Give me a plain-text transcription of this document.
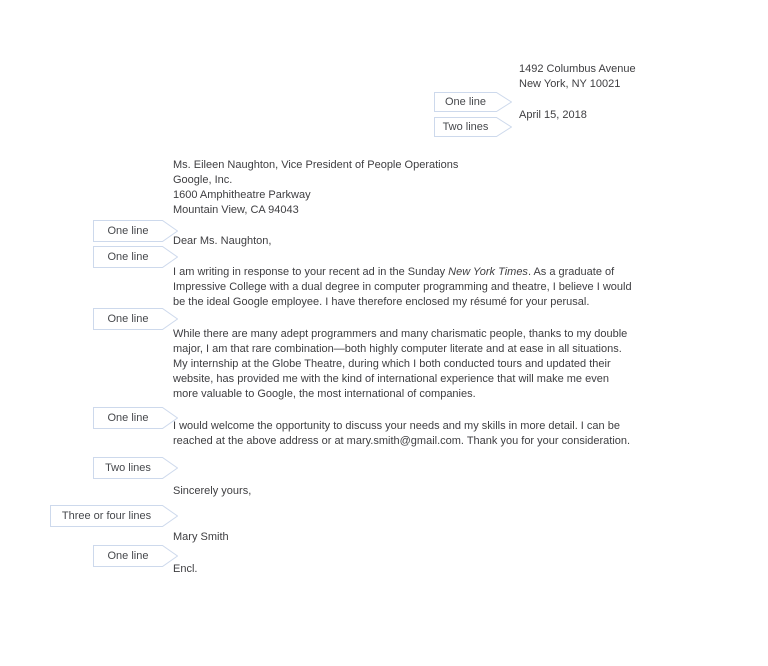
1492 Columbus Avenue
New York, NY 10021
April 15, 2018
Ms. Eileen Naughton, Vice President of People Operations
Google, Inc.
1600 Amphitheatre Parkway
Mountain View, CA 94043
Dear Ms. Naughton,
I am writing in response to your recent ad in the Sunday New York Times. As a graduate of
Impressive College with a dual degree in computer programming and theatre, I believe I would
be the ideal Google employee. I have therefore enclosed my résumé for your perusal.
While there are many adept programmers and many charismatic people, thanks to my double
major, I am that rare combination—both highly computer literate and at ease in all situations.
My internship at the Globe Theatre, during which I both conducted tours and updated their
website, has provided me with the kind of international experience that will make me even
more valuable to Google, the most international of companies.
I would welcome the opportunity to discuss your needs and my skills in more detail. I can be
reached at the above address or at mary.smith@gmail.com. Thank you for your consideration.
Sincerely yours,
Mary Smith
Encl.
One line
Two lines
One line
One line
One line
One line
Two lines
Three or four lines
One line
